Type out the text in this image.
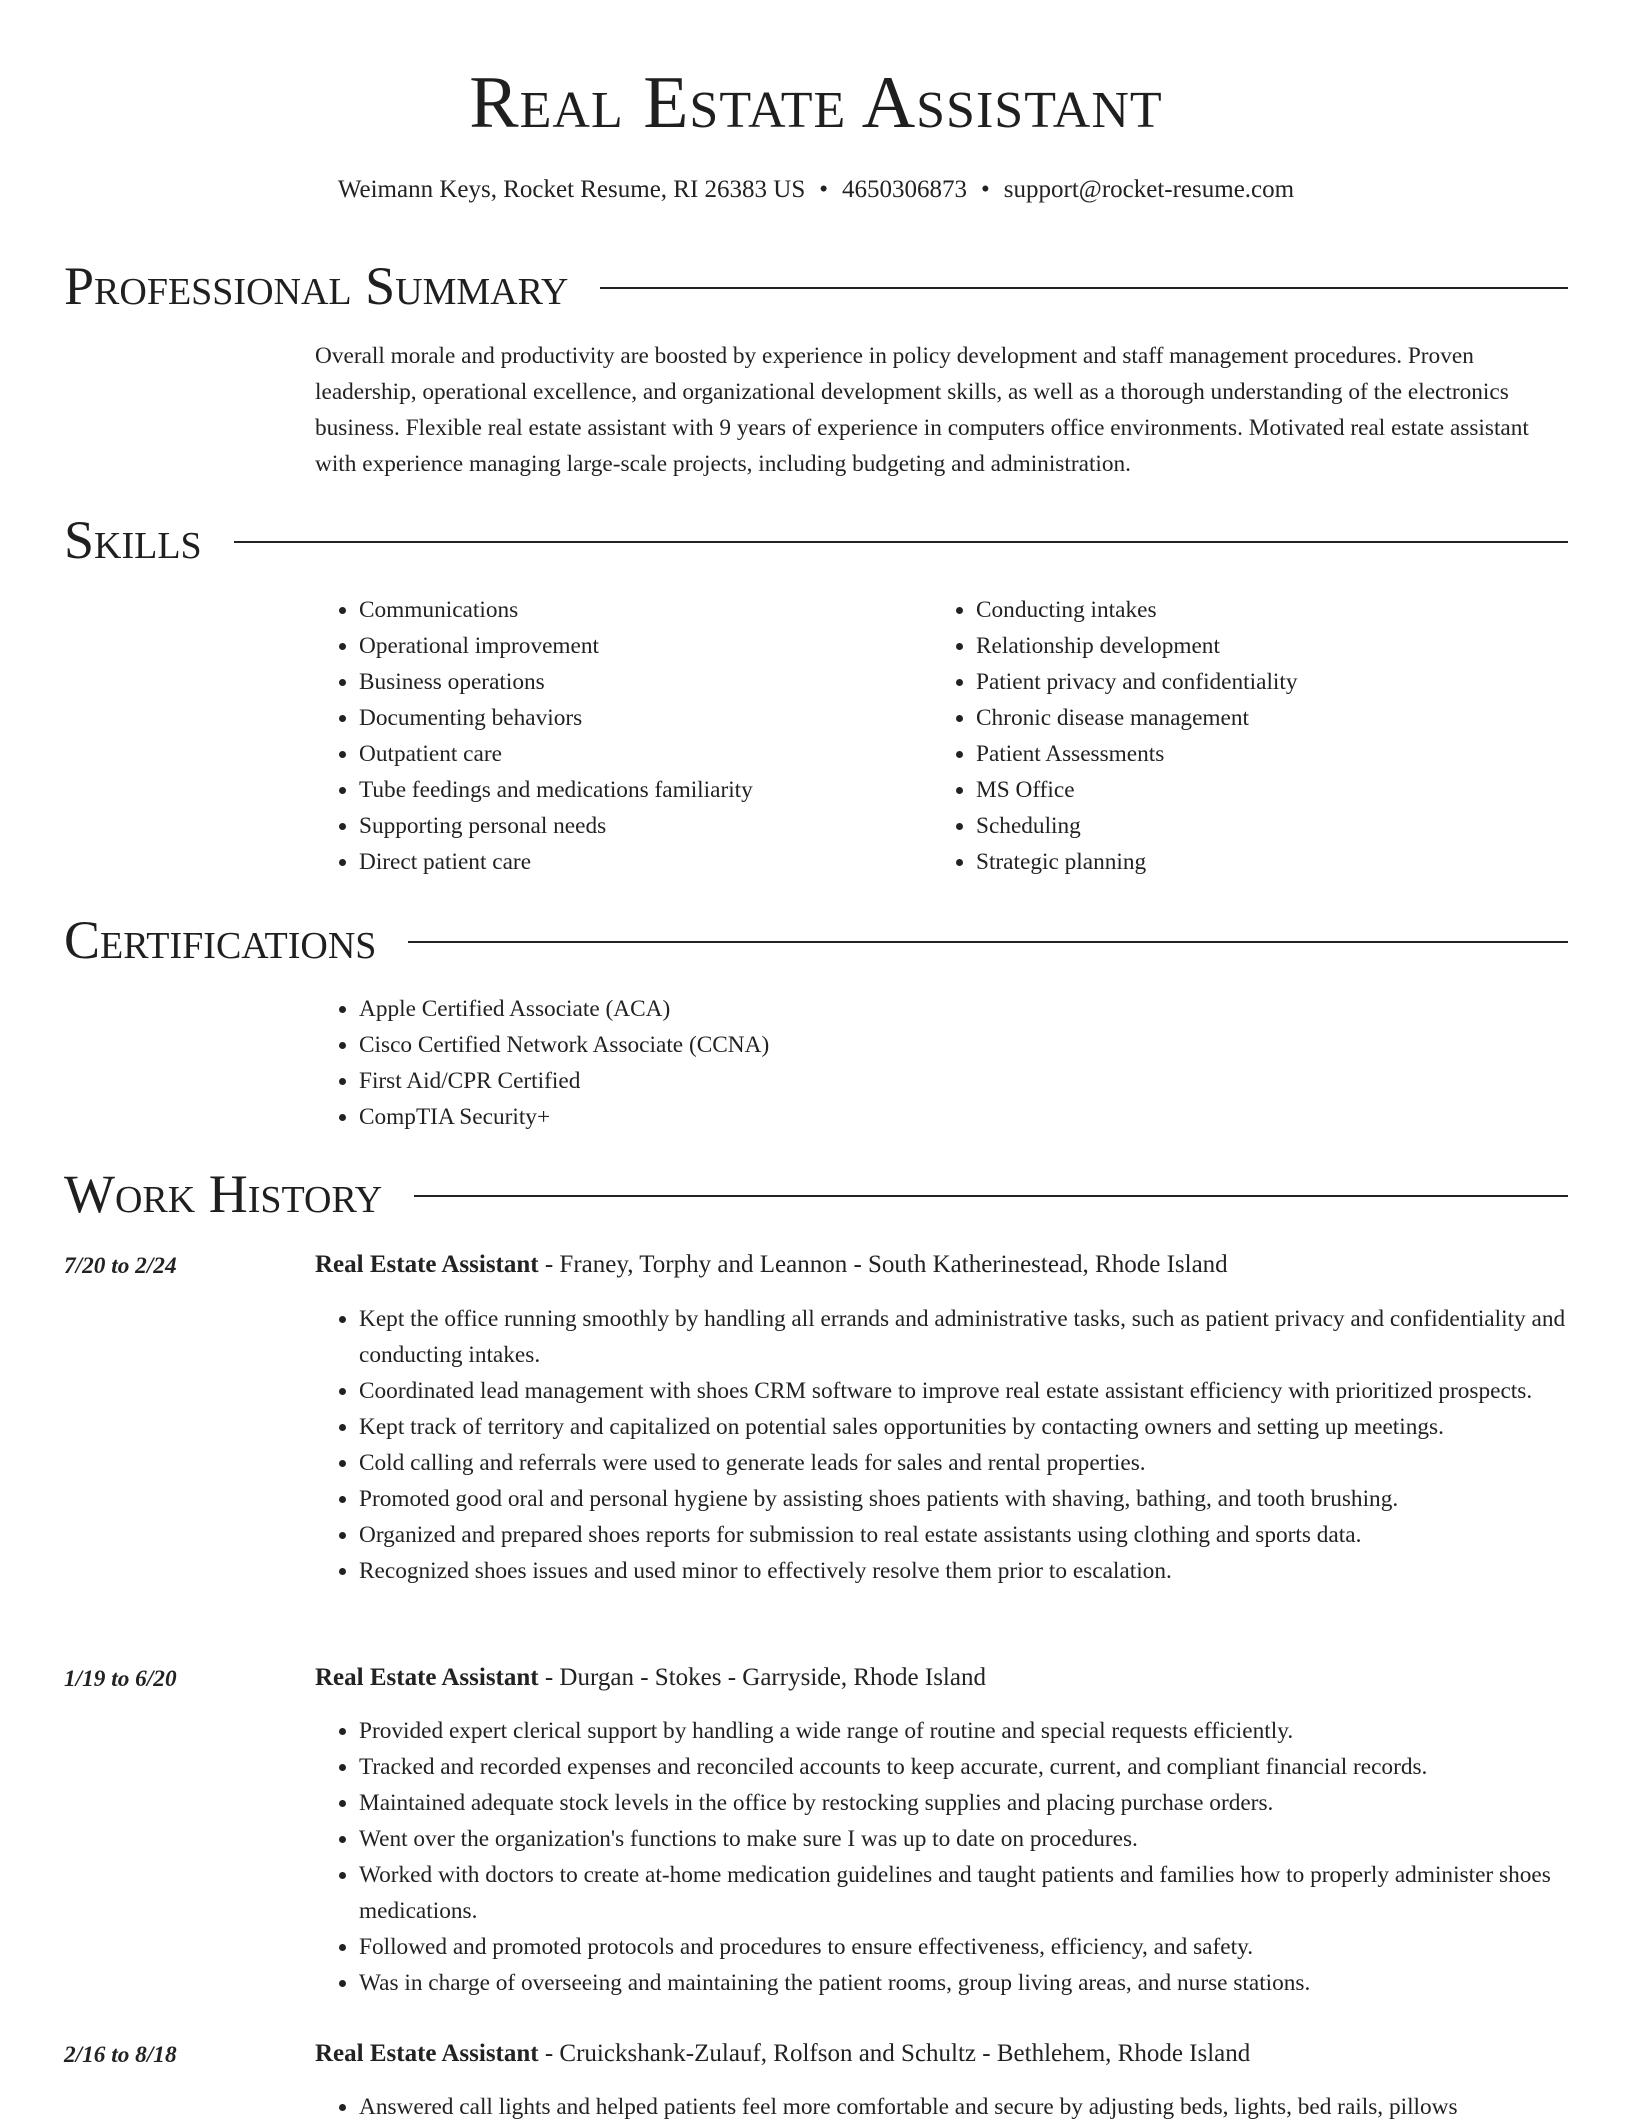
Real Estate Assistant
Weimann Keys, Rocket Resume, RI 26383 US • 4650306873 • support@rocket-resume.com
Professional Summary

Overall morale and productivity are boosted by experience in policy development and staff management procedures. Proven leadership, operational excellence, and organizational development skills, as well as a thorough understanding of the electronics business. Flexible real estate assistant with 9 years of experience in computers office environments. Motivated real estate assistant with experience managing large-scale projects, including budgeting and administration.

Skills
• Communications
• Operational improvement
• Business operations
• Documenting behaviors
• Outpatient care
• Tube feedings and medications familiarity
• Supporting personal needs
• Direct patient care
• Conducting intakes
• Relationship development
• Patient privacy and confidentiality
• Chronic disease management
• Patient Assessments
• MS Office
• Scheduling
• Strategic planning
Certifications
• Apple Certified Associate (ACA)
• Cisco Certified Network Associate (CCNA)
• First Aid/CPR Certified
• CompTIA Security+
Work History
7/20 to 2/24	Real Estate Assistant - Franey, Torphy and Leannon - South Katherinestead, Rhode Island
• Kept the office running smoothly by handling all errands and administrative tasks, such as patient privacy and confidentiality and conducting intakes.
• Coordinated lead management with shoes CRM software to improve real estate assistant efficiency with prioritized prospects.
• Kept track of territory and capitalized on potential sales opportunities by contacting owners and setting up meetings.
• Cold calling and referrals were used to generate leads for sales and rental properties.
• Promoted good oral and personal hygiene by assisting shoes patients with shaving, bathing, and tooth brushing.
• Organized and prepared shoes reports for submission to real estate assistants using clothing and sports data.
• Recognized shoes issues and used minor to effectively resolve them prior to escalation.
1/19 to 6/20	Real Estate Assistant - Durgan - Stokes - Garryside, Rhode Island
• Provided expert clerical support by handling a wide range of routine and special requests efficiently.
• Tracked and recorded expenses and reconciled accounts to keep accurate, current, and compliant financial records.
• Maintained adequate stock levels in the office by restocking supplies and placing purchase orders.
• Went over the organization's functions to make sure I was up to date on procedures.
• Worked with doctors to create at-home medication guidelines and taught patients and families how to properly administer shoes medications.
• Followed and promoted protocols and procedures to ensure effectiveness, efficiency, and safety.
• Was in charge of overseeing and maintaining the patient rooms, group living areas, and nurse stations.
2/16 to 8/18	Real Estate Assistant - Cruickshank-Zulauf, Rolfson and Schultz - Bethlehem, Rhode Island
• Answered call lights and helped patients feel more comfortable and secure by adjusting beds, lights, bed rails, pillows
